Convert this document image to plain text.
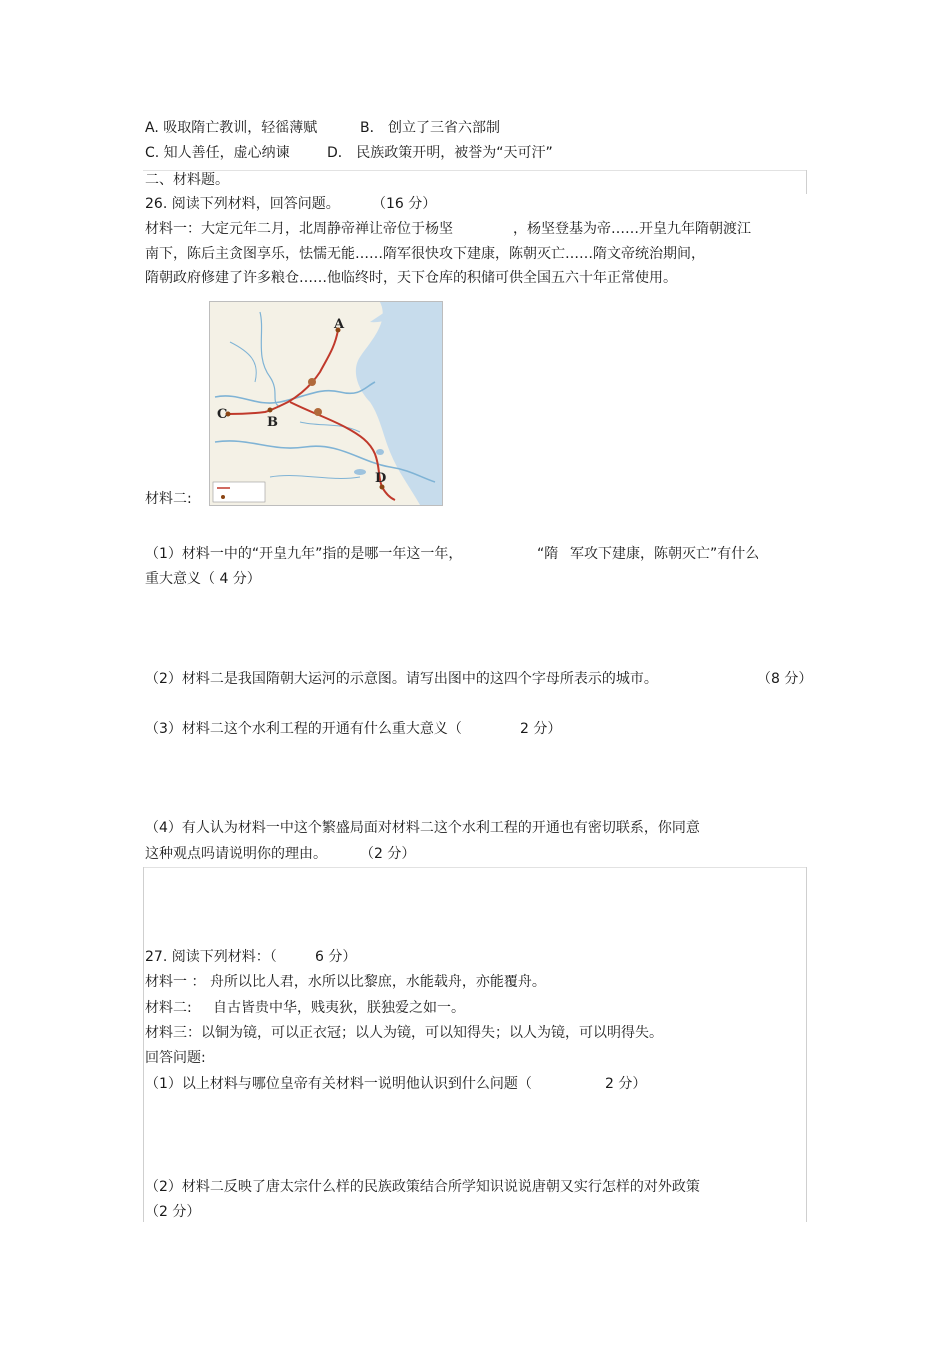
A. 吸取隋亡教训，轻徭薄赋	B． 创立了三省六部制
C. 知人善任，虚心纳谏	D． 民族政策开明，被誉为“天可汗”
二、材料题。
26. 阅读下列材料，回答问题。 （16 分）
材料一：大定元年二月，北周静帝禅让帝位于杨坚	，杨坚登基为帝……开皇九年隋朝渡江
南下，陈后主贪图享乐，怯懦无能……隋军很快攻下建康，陈朝灭亡……隋文帝统治期间，
隋朝政府修建了许多粮仓……他临终时，天下仓库的积储可供全国五六十年正常使用。
A
B
C
D
材料二:
（1）材料一中的“开皇九年”指的是哪一年这一年，	“隋 军攻下建康，陈朝灭亡”有什么
重大意义（ 4 分）
（2）材料二是我国隋朝大运河的示意图。请写出图中的这四个字母所表示的城市。	（8 分）
（3）材料二这个水利工程的开通有什么重大意义（	2 分）
（4）有人认为材料一中这个繁盛局面对材料二这个水利工程的开通也有密切联系，你同意
这种观点吗请说明你的理由。 （2 分）
27. 阅读下列材料：（	6 分）
材料一 ： 舟所以比人君，水所以比黎庶，水能载舟，亦能覆舟。
材料二: 自古皆贵中华，贱夷狄，朕独爱之如一。
材料三：以铜为镜，可以正衣冠；以人为镜，可以知得失；以人为镜，可以明得失。
回答问题:
（1）以上材料与哪位皇帝有关材料一说明他认识到什么问题（	2 分）
（2）材料二反映了唐太宗什么样的民族政策结合所学知识说说唐朝又实行怎样的对外政策
（2 分）
